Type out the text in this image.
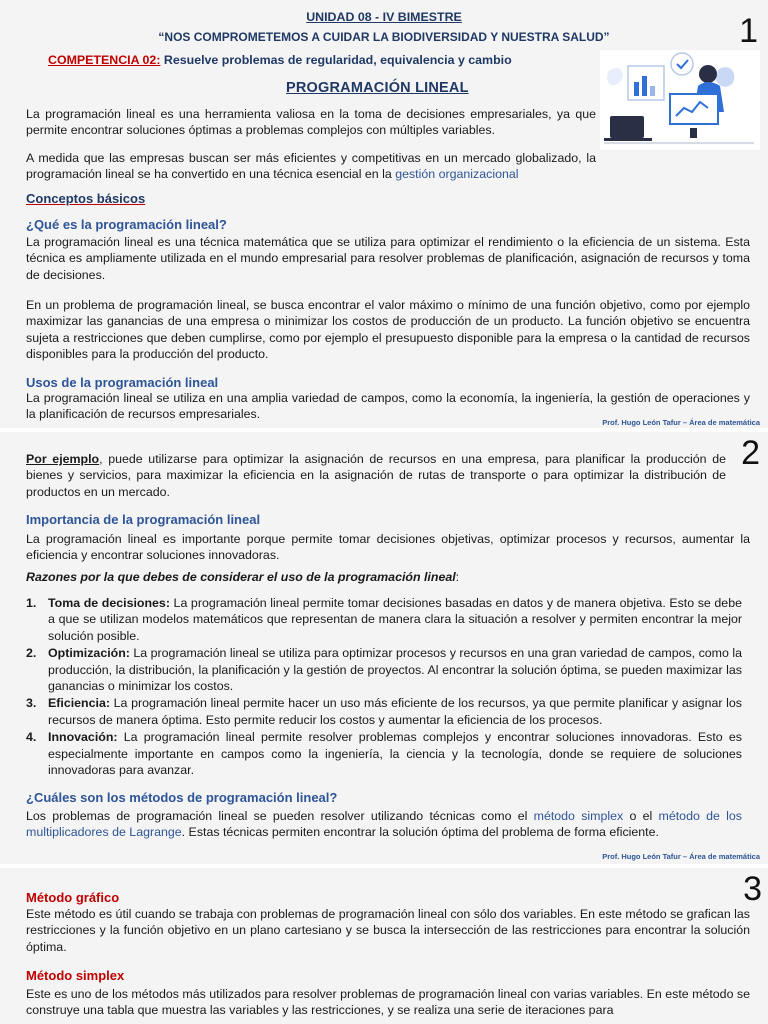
UNIDAD 08 - IV BIMESTRE
“NOS COMPROMETEMOS A CUIDAR LA BIODIVERSIDAD Y NUESTRA SALUD”
COMPETENCIA 02: Resuelve problemas de regularidad, equivalencia y cambio
1
PROGRAMACIÓN LINEAL

La programación lineal es una herramienta valiosa en la toma de decisiones empresariales, ya que permite encontrar soluciones óptimas a problemas complejos con múltiples variables.

A medida que las empresas buscan ser más eficientes y competitivas en un mercado globalizado, la programación lineal se ha convertido en una técnica esencial en la gestión organizacional

Conceptos básicos
¿Qué es la programación lineal?

La programación lineal es una técnica matemática que se utiliza para optimizar el rendimiento o la eficiencia de un sistema. Esta técnica es ampliamente utilizada en el mundo empresarial para resolver problemas de planificación, asignación de recursos y toma de decisiones.

En un problema de programación lineal, se busca encontrar el valor máximo o mínimo de una función objetivo, como por ejemplo maximizar las ganancias de una empresa o minimizar los costos de producción de un producto. La función objetivo se encuentra sujeta a restricciones que deben cumplirse, como por ejemplo el presupuesto disponible para la empresa o la cantidad de recursos disponibles para la producción del producto.

Usos de la programación lineal

La programación lineal se utiliza en una amplia variedad de campos, como la economía, la ingeniería, la gestión de operaciones y la planificación de recursos empresariales.

Prof. Hugo León Tafur – Área de matemática
2

Por ejemplo, puede utilizarse para optimizar la asignación de recursos en una empresa, para planificar la producción de bienes y servicios, para maximizar la eficiencia en la asignación de rutas de transporte o para optimizar la distribución de productos en un mercado.

Importancia de la programación lineal

La programación lineal es importante porque permite tomar decisiones objetivas, optimizar procesos y recursos, aumentar la eficiencia y encontrar soluciones innovadoras.

Razones por la que debes de considerar el uso de la programación lineal:
1. Toma de decisiones: La programación lineal permite tomar decisiones basadas en datos y de manera objetiva. Esto se debe a que se utilizan modelos matemáticos que representan de manera clara la situación a resolver y permiten encontrar la mejor solución posible.
2. Optimización: La programación lineal se utiliza para optimizar procesos y recursos en una gran variedad de campos, como la producción, la distribución, la planificación y la gestión de proyectos. Al encontrar la solución óptima, se pueden maximizar las ganancias o minimizar los costos.
3. Eficiencia: La programación lineal permite hacer un uso más eficiente de los recursos, ya que permite planificar y asignar los recursos de manera óptima. Esto permite reducir los costos y aumentar la eficiencia de los procesos.
4. Innovación: La programación lineal permite resolver problemas complejos y encontrar soluciones innovadoras. Esto es especialmente importante en campos como la ingeniería, la ciencia y la tecnología, donde se requiere de soluciones innovadoras para avanzar.
¿Cuáles son los métodos de programación lineal?

Los problemas de programación lineal se pueden resolver utilizando técnicas como el método simplex o el método de los multiplicadores de Lagrange. Estas técnicas permiten encontrar la solución óptima del problema de forma eficiente.

Prof. Hugo León Tafur – Área de matemática
3
Método gráfico

Este método es útil cuando se trabaja con problemas de programación lineal con sólo dos variables. En este método se grafican las restricciones y la función objetivo en un plano cartesiano y se busca la intersección de las restricciones para encontrar la solución óptima.

Método simplex

Este es uno de los métodos más utilizados para resolver problemas de programación lineal con varias variables. En este método se construye una tabla que muestra las variables y las restricciones, y se realiza una serie de iteraciones para
